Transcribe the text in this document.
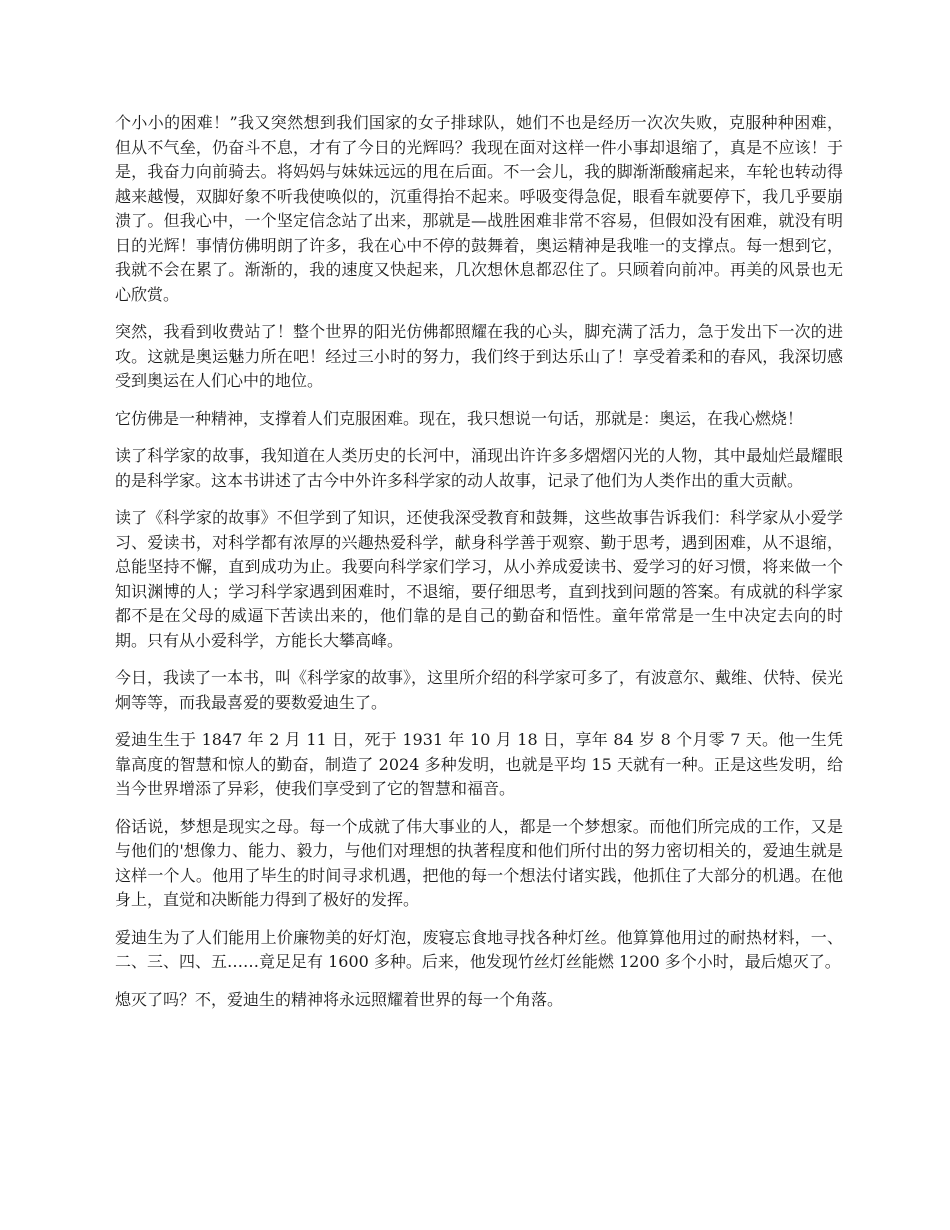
个小小的困难！”我又突然想到我们国家的女子排球队，她们不也是经历一次次失败，克服种种困难，但从不气垒，仍奋斗不息，才有了今日的光辉吗？我现在面对这样一件小事却退缩了，真是不应该！于是，我奋力向前骑去。将妈妈与妹妹远远的甩在后面。不一会儿，我的脚渐渐酸痛起来，车轮也转动得越来越慢，双脚好象不听我使唤似的，沉重得抬不起来。呼吸变得急促，眼看车就要停下，我几乎要崩溃了。但我心中，一个坚定信念站了出来，那就是—战胜困难非常不容易，但假如没有困难，就没有明日的光辉！事情仿佛明朗了许多，我在心中不停的鼓舞着，奥运精神是我唯一的支撑点。每一想到它，我就不会在累了。渐渐的，我的速度又快起来，几次想休息都忍住了。只顾着向前冲。再美的风景也无心欣赏。

突然，我看到收费站了！整个世界的阳光仿佛都照耀在我的心头，脚充满了活力，急于发出下一次的进攻。这就是奥运魅力所在吧！经过三小时的努力，我们终于到达乐山了！享受着柔和的春风，我深切感受到奥运在人们心中的地位。

它仿佛是一种精神，支撑着人们克服困难。现在，我只想说一句话，那就是：奥运，在我心燃烧！

读了科学家的故事，我知道在人类历史的长河中，涌现出许许多多熠熠闪光的人物，其中最灿烂最耀眼的是科学家。这本书讲述了古今中外许多科学家的动人故事，记录了他们为人类作出的重大贡献。

读了《科学家的故事》不但学到了知识，还使我深受教育和鼓舞，这些故事告诉我们：科学家从小爱学习、爱读书，对科学都有浓厚的兴趣热爱科学，献身科学善于观察、勤于思考，遇到困难，从不退缩，总能坚持不懈，直到成功为止。我要向科学家们学习，从小养成爱读书、爱学习的好习惯，将来做一个知识渊博的人；学习科学家遇到困难时，不退缩，要仔细思考，直到找到问题的答案。有成就的科学家都不是在父母的威逼下苦读出来的，他们靠的是自己的勤奋和悟性。童年常常是一生中决定去向的时期。只有从小爱科学，方能长大攀高峰。

今日，我读了一本书，叫《科学家的故事》，这里所介绍的科学家可多了，有波意尔、戴维、伏特、侯光炯等等，而我最喜爱的要数爱迪生了。

爱迪生生于 1847 年 2 月 11 日，死于 1931 年 10 月 18 日，享年 84 岁 8 个月零 7 天。他一生凭靠高度的智慧和惊人的勤奋，制造了 2024 多种发明，也就是平均 15 天就有一种。正是这些发明，给当今世界增添了异彩，使我们享受到了它的智慧和福音。

俗话说，梦想是现实之母。每一个成就了伟大事业的人，都是一个梦想家。而他们所完成的工作，又是与他们的'想像力、能力、毅力，与他们对理想的执著程度和他们所付出的努力密切相关的，爱迪生就是这样一个人。他用了毕生的时间寻求机遇，把他的每一个想法付诸实践，他抓住了大部分的机遇。在他身上，直觉和决断能力得到了极好的发挥。

爱迪生为了人们能用上价廉物美的好灯泡，废寝忘食地寻找各种灯丝。他算算他用过的耐热材料，一、二、三、四、五……竟足足有 1600 多种。后来，他发现竹丝灯丝能燃 1200 多个小时，最后熄灭了。

熄灭了吗？不，爱迪生的精神将永远照耀着世界的每一个角落。
